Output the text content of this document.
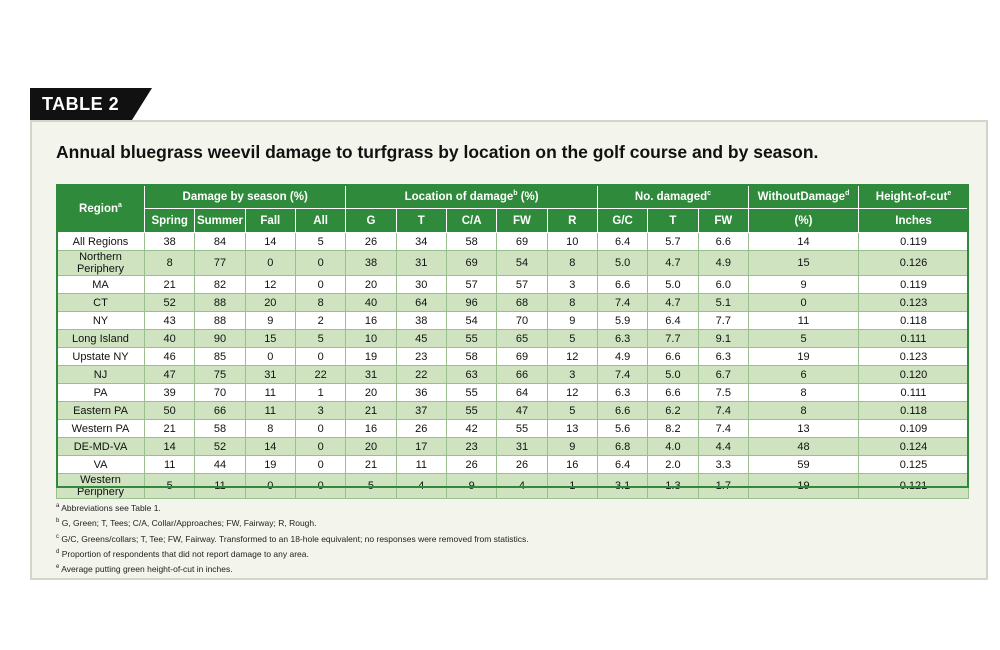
TABLE 2
Annual bluegrass weevil damage to turfgrass by location on the golf course and by season.
Region$^a$	Damage by season (%)				Location of damage$^b$ (%)					No. damaged$^c$			WithoutDamage$^d$	Height-of-cut$^e$
	Spring	Summer	Fall	All	G	T	C/A	FW	R	G/C	T	FW	(%)	Inches
All Regions	38	84	14	5	26	34	58	69	10	6.4	5.7	6.6	14	0.119
Northern Periphery	8	77	0	0	38	31	69	54	8	5.0	4.7	4.9	15	0.126
MA	21	82	12	0	20	30	57	57	3	6.6	5.0	6.0	9	0.119
CT	52	88	20	8	40	64	96	68	8	7.4	4.7	5.1	0	0.123
NY	43	88	9	2	16	38	54	70	9	5.9	6.4	7.7	11	0.118
Long Island	40	90	15	5	10	45	55	65	5	6.3	7.7	9.1	5	0.111
Upstate NY	46	85	0	0	19	23	58	69	12	4.9	6.6	6.3	19	0.123
NJ	47	75	31	22	31	22	63	66	3	7.4	5.0	6.7	6	0.120
PA	39	70	11	1	20	36	55	64	12	6.3	6.6	7.5	8	0.111
Eastern PA	50	66	11	3	21	37	55	47	5	6.6	6.2	7.4	8	0.118
Western PA	21	58	8	0	16	26	42	55	13	5.6	8.2	7.4	13	0.109
DE-MD-VA	14	52	14	0	20	17	23	31	9	6.8	4.0	4.4	48	0.124
VA	11	44	19	0	21	11	26	26	16	6.4	2.0	3.3	59	0.125
Western Periphery	5	11	0	0	5	4	9	4	1	3.1	1.3	1.7	19	0.121
$^a$ Abbreviations see Table 1.
$^b$ G, Green; T, Tees; C/A, Collar/Approaches; FW, Fairway; R, Rough.
$^c$ G/C, Greens/collars; T, Tee; FW, Fairway. Transformed to an 18-hole equivalent; no responses were removed from statistics.
$^d$ Proportion of respondents that did not report damage to any area.
$^e$ Average putting green height-of-cut in inches.
